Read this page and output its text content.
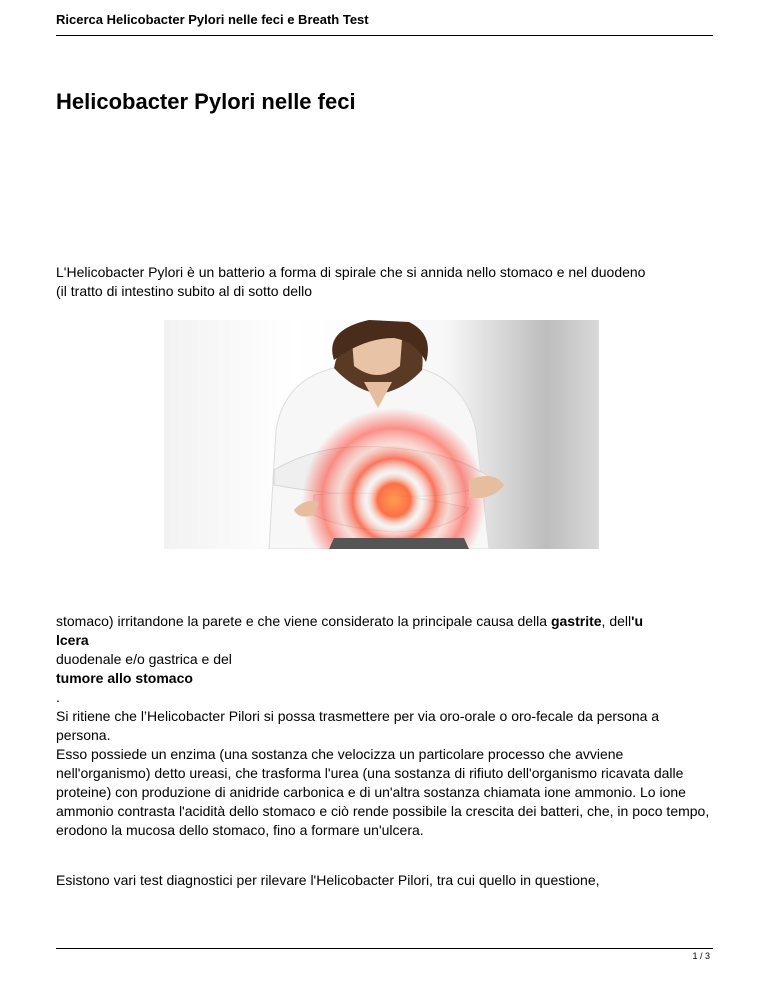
Ricerca Helicobacter Pylori nelle feci e Breath Test
Helicobacter Pylori nelle feci
L'Helicobacter Pylori è un batterio a forma di spirale che si annida nello stomaco e nel duodeno
(il tratto di intestino subito al di sotto dello

stomaco) irritandone la parete e che viene considerato la principale causa della gastrite, dell'u
lcera
duodenale e/o gastrica e del
tumore allo stomaco
.

Si ritiene che l’Helicobacter Pilori si possa trasmettere per via oro-orale o oro-fecale da persona a persona.

Esso possiede un enzima (una sostanza che velocizza un particolare processo che avviene nell'organismo) detto ureasi, che trasforma l'urea (una sostanza di rifiuto dell'organismo ricavata dalle proteine) con produzione di anidride carbonica e di un'altra sostanza chiamata ione ammonio. Lo ione ammonio contrasta l'acidità dello stomaco e ciò rende possibile la crescita dei batteri, che, in poco tempo, erodono la mucosa dello stomaco, fino a formare un'ulcera.

Esistono vari test diagnostici per rilevare l'Helicobacter Pilori, tra cui quello in questione,
1 / 3
